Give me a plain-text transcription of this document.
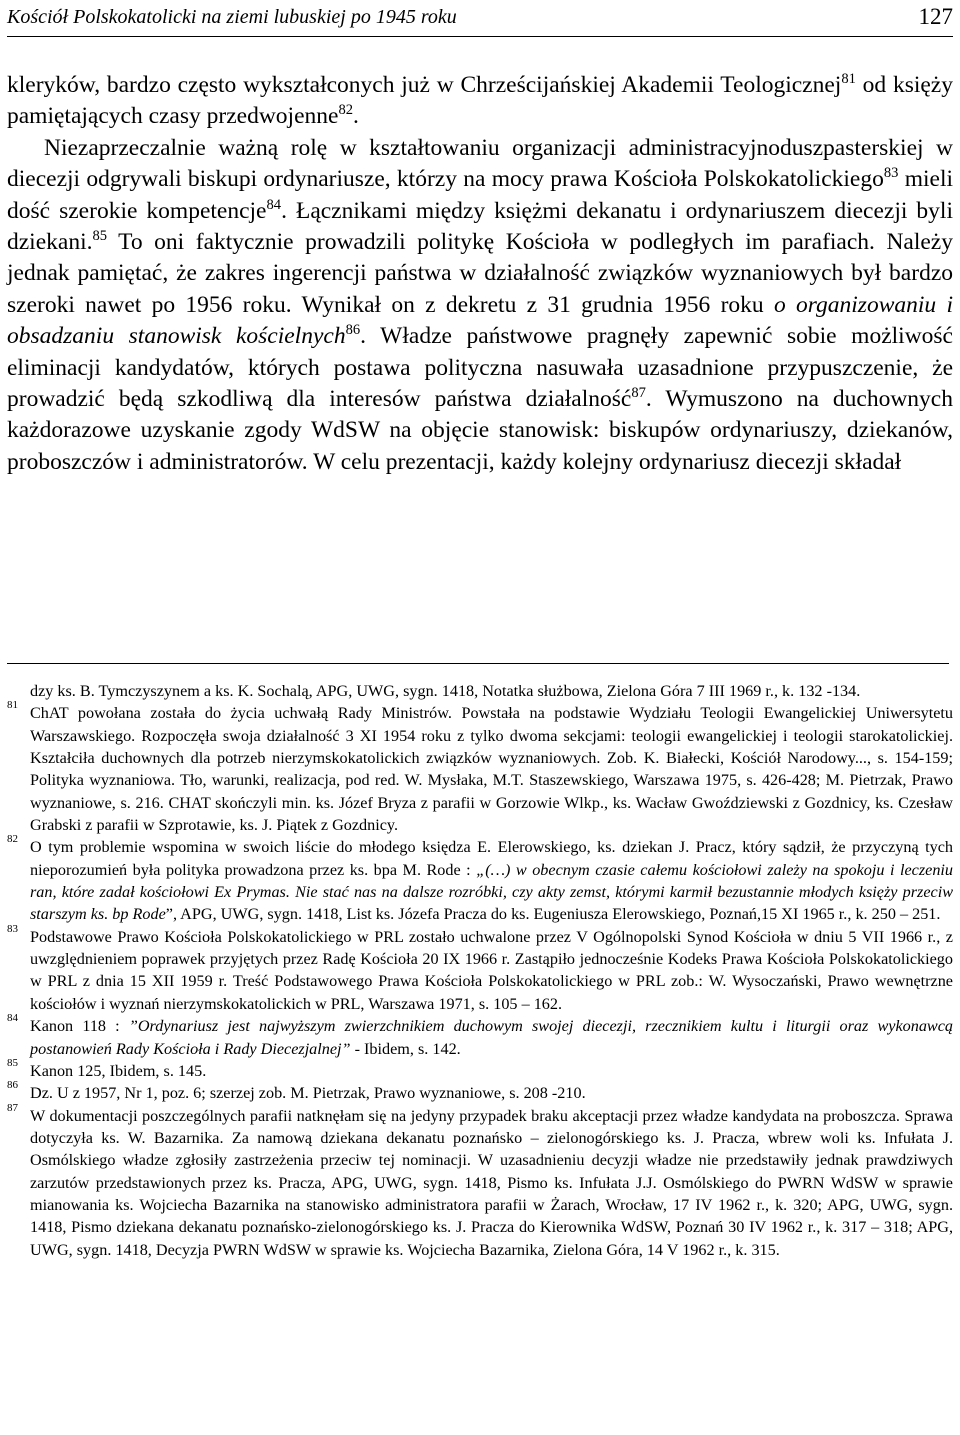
Kościół Polskokatolicki na ziemi lubuskiej po 1945 roku	127

kleryków, bardzo często wykształconych już w Chrześcijańskiej Akademii Teologicznej$^{81}$ od księży pamiętających czasy przedwojenne$^{82}$.

Niezaprzeczalnie ważną rolę w kształtowaniu organizacji administracyjnoduszpasterskiej w diecezji odgrywali biskupi ordynariusze, którzy na mocy prawa Kościoła Polskokatolickiego$^{83}$ mieli dość szerokie kompetencje$^{84}$. Łącznikami między księżmi dekanatu i ordynariuszem diecezji byli dziekani.$^{85}$ To oni faktycznie prowadzili politykę Kościoła w podległych im parafiach. Należy jednak pamiętać, że zakres ingerencji państwa w działalność związków wyznaniowych był bardzo szeroki nawet po 1956 roku. Wynikał on z dekretu z 31 grudnia 1956 roku o organizowaniu i obsadzaniu stanowisk kościelnych$^{86}$. Władze państwowe pragnęły zapewnić sobie możliwość eliminacji kandydatów, których postawa polityczna nasuwała uzasadnione przypuszczenie, że prowadzić będą szkodliwą dla interesów państwa działalność$^{87}$. Wymuszono na duchownych każdorazowe uzyskanie zgody WdSW na objęcie stanowisk: biskupów ordynariuszy, dziekanów, proboszczów i administratorów. W celu prezentacji, każdy kolejny ordynariusz diecezji składał

dzy ks. B. Tymczyszynem a ks. K. Sochalą, APG, UWG, sygn. 1418, Notatka służbowa, Zielona Góra 7 III 1969 r., k. 132 -134.

81 ChAT powołana została do życia uchwałą Rady Ministrów. Powstała na podstawie Wydziału Teologii Ewangelickiej Uniwersytetu Warszawskiego. Rozpoczęła swoja działalność 3 XI 1954 roku z tylko dwoma sekcjami: teologii ewangelickiej i teologii starokatolickiej. Kształciła duchownych dla potrzeb nierzymskokatolickich związków wyznaniowych. Zob. K. Białecki, Kościół Narodowy..., s. 154-159; Polityka wyznaniowa. Tło, warunki, realizacja, pod red. W. Mysłaka, M.T. Staszewskiego, Warszawa 1975, s. 426-428; M. Pietrzak, Prawo wyznaniowe, s. 216. CHAT skończyli min. ks. Józef Bryza z parafii w Gorzowie Wlkp., ks. Wacław Gwoździewski z Gozdnicy, ks. Czesław Grabski z parafii w Szprotawie, ks. J. Piątek z Gozdnicy.

82 O tym problemie wspomina w swoich liście do młodego księdza E. Elerowskiego, ks. dziekan J. Pracz, który sądził, że przyczyną tych nieporozumień była polityka prowadzona przez ks. bpa M. Rode : „(…) w obecnym czasie całemu kościołowi zależy na spokoju i leczeniu ran, które zadał kościołowi Ex Prymas. Nie stać nas na dalsze rozróbki, czy akty zemst, którymi karmił bezustannie młodych księży przeciw starszym ks. bp Rode”, APG, UWG, sygn. 1418, List ks. Józefa Pracza do ks. Eugeniusza Elerowskiego, Poznań,15 XI 1965 r., k. 250 – 251.

83 Podstawowe Prawo Kościoła Polskokatolickiego w PRL zostało uchwalone przez V Ogólnopolski Synod Kościoła w dniu 5 VII 1966 r., z uwzględnieniem poprawek przyjętych przez Radę Kościoła 20 IX 1966 r. Zastąpiło jednocześnie Kodeks Prawa Kościoła Polskokatolickiego w PRL z dnia 15 XII 1959 r. Treść Podstawowego Prawa Kościoła Polskokatolickiego w PRL zob.: W. Wysoczański, Prawo wewnętrzne kościołów i wyznań nierzymskokatolickich w PRL, Warszawa 1971, s. 105 – 162.

84 Kanon 118 : ”Ordynariusz jest najwyższym zwierzchnikiem duchowym swojej diecezji, rzecznikiem kultu i liturgii oraz wykonawcą postanowień Rady Kościoła i Rady Diecezjalnej” - Ibidem, s. 142.

85 Kanon 125, Ibidem, s. 145.

86 Dz. U z 1957, Nr 1, poz. 6; szerzej zob. M. Pietrzak, Prawo wyznaniowe, s. 208 -210.

87 W dokumentacji poszczególnych parafii natknęłam się na jedyny przypadek braku akceptacji przez władze kandydata na proboszcza. Sprawa dotyczyła ks. W. Bazarnika. Za namową dziekana dekanatu poznańsko – zielonogórskiego ks. J. Pracza, wbrew woli ks. Infułata J. Osmólskiego władze zgłosiły zastrzeżenia przeciw tej nominacji. W uzasadnieniu decyzji władze nie przedstawiły jednak prawdziwych zarzutów przedstawionych przez ks. Pracza, APG, UWG, sygn. 1418, Pismo ks. Infułata J.J. Osmólskiego do PWRN WdSW w sprawie mianowania ks. Wojciecha Bazarnika na stanowisko administratora parafii w Żarach, Wrocław, 17 IV 1962 r., k. 320; APG, UWG, sygn. 1418, Pismo dziekana dekanatu poznańsko-zielonogórskiego ks. J. Pracza do Kierownika WdSW, Poznań 30 IV 1962 r., k. 317 – 318; APG, UWG, sygn. 1418, Decyzja PWRN WdSW w sprawie ks. Wojciecha Bazarnika, Zielona Góra, 14 V 1962 r., k. 315.
